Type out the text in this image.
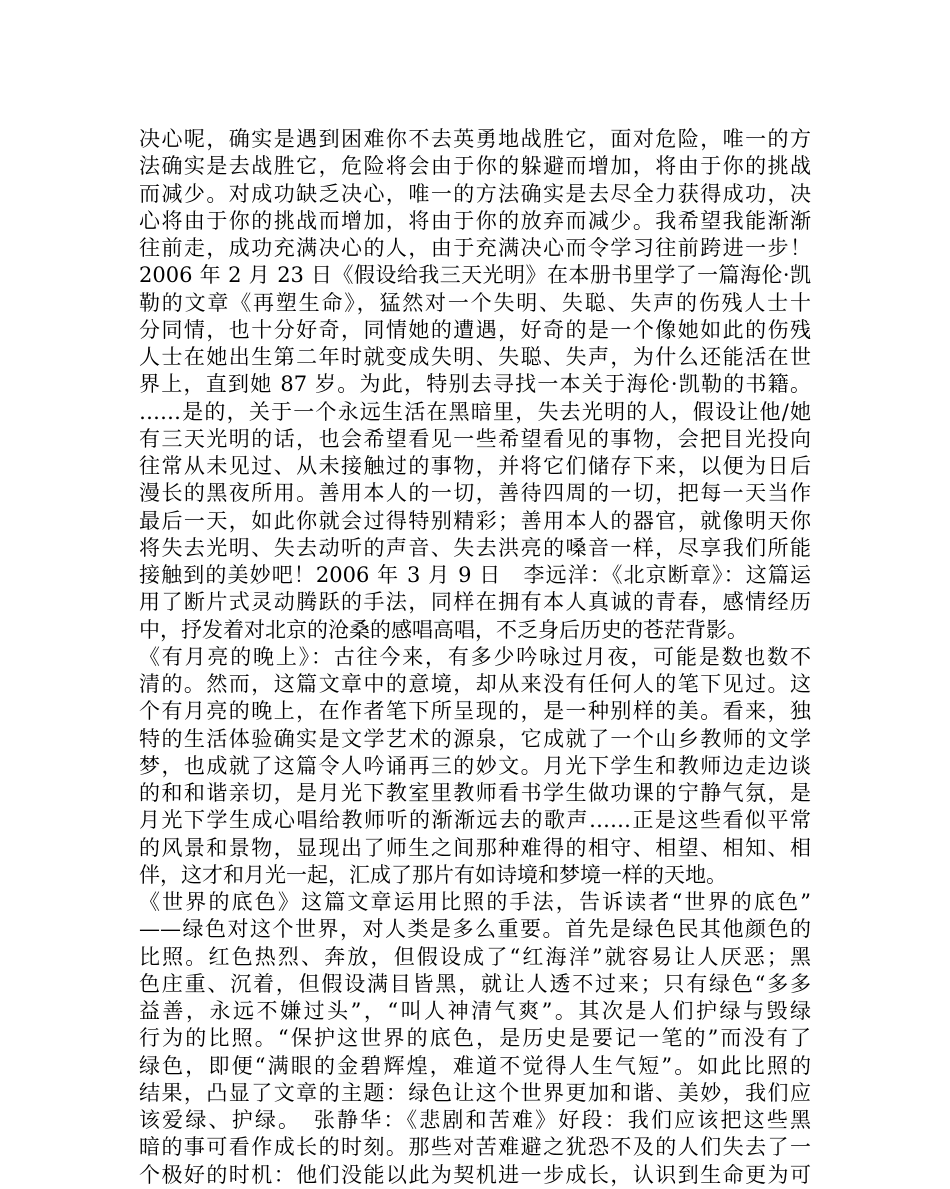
决心呢，确实是遇到困难你不去英勇地战胜它，面对危险，唯一的方
法确实是去战胜它，危险将会由于你的躲避而增加，将由于你的挑战
而减少。对成功缺乏决心，唯一的方法确实是去尽全力获得成功，决
心将由于你的挑战而增加，将由于你的放弃而减少。我希望我能渐渐
往前走，成功充满决心的人，由于充满决心而令学习往前跨进一步！
2006 年 2 月 23 日《假设给我三天光明》在本册书里学了一篇海伦·凯
勒的文章《再塑生命》，猛然对一个失明、失聪、失声的伤残人士十
分同情，也十分好奇，同情她的遭遇，好奇的是一个像她如此的伤残
人士在她出生第二年时就变成失明、失聪、失声，为什么还能活在世
界上，直到她 87 岁。为此，特别去寻找一本关于海伦·凯勒的书籍。
……是的，关于一个永远生活在黑暗里，失去光明的人，假设让他/她
有三天光明的话，也会希望看见一些希望看见的事物，会把目光投向
往常从未见过、从未接触过的事物，并将它们储存下来，以便为日后
漫长的黑夜所用。善用本人的一切，善待四周的一切，把每一天当作
最后一天，如此你就会过得特别精彩；善用本人的器官，就像明天你
将失去光明、失去动听的声音、失去洪亮的嗓音一样，尽享我们所能
接触到的美妙吧！2006 年 3 月 9 日　李远洋：《北京断章》：这篇运
用了断片式灵动腾跃的手法，同样在拥有本人真诚的青春，感情经历
中，抒发着对北京的沧桑的感唱高唱，不乏身后历史的苍茫背影。
《有月亮的晚上》：古往今来，有多少吟咏过月夜，可能是数也数不
清的。然而，这篇文章中的意境，却从来没有任何人的笔下见过。这
个有月亮的晚上，在作者笔下所呈现的，是一种别样的美。看来，独
特的生活体验确实是文学艺术的源泉，它成就了一个山乡教师的文学
梦，也成就了这篇令人吟诵再三的妙文。月光下学生和教师边走边谈
的和和谐亲切，是月光下教室里教师看书学生做功课的宁静气氛，是
月光下学生成心唱给教师听的渐渐远去的歌声……正是这些看似平常
的风景和景物，显现出了师生之间那种难得的相守、相望、相知、相
伴，这才和月光一起，汇成了那片有如诗境和梦境一样的天地。
《世界的底色》这篇文章运用比照的手法，告诉读者“世界的底色”
——绿色对这个世界，对人类是多么重要。首先是绿色民其他颜色的
比照。红色热烈、奔放，但假设成了“红海洋”就容易让人厌恶；黑
色庄重、沉着，但假设满目皆黑，就让人透不过来；只有绿色“多多
益善，永远不嫌过头”，“叫人神清气爽”。其次是人们护绿与毁绿
行为的比照。“保护这世界的底色，是历史是要记一笔的”而没有了
绿色，即便“满眼的金碧辉煌，难道不觉得人生气短”。如此比照的
结果，凸显了文章的主题：绿色让这个世界更加和谐、美妙，我们应
该爱绿、护绿。　张静华：《悲剧和苦难》好段：我们应该把这些黑
暗的事可看作成长的时刻。那些对苦难避之犹恐不及的人们失去了一
个极好的时机：他们没能以此为契机进一步成长，认识到生命更为可
